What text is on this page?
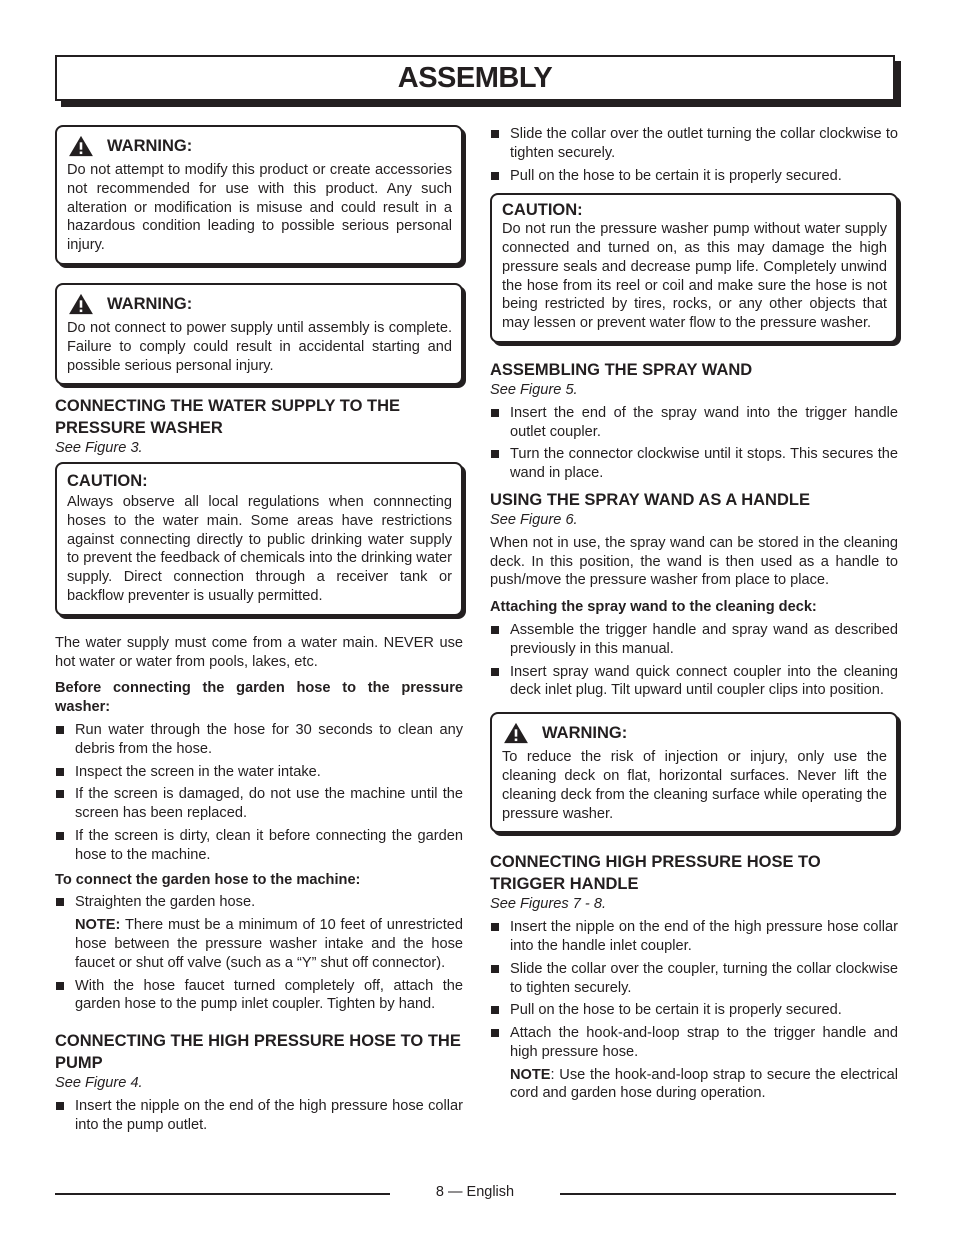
ASSEMBLY
WARNING:

Do not attempt to modify this product or create accessories not recommended for use with this product. Any such alteration or modification is misuse and could result in a hazardous condition leading to possible serious personal injury.

WARNING:

Do not connect to power supply until assembly is complete. Failure to comply could result in accidental starting and possible serious personal injury.

CONNECTING THE WATER SUPPLY TO THE PRESSURE WASHER

See Figure 3.

CAUTION:

Always observe all local regulations when connnecting hoses to the water main. Some areas have restrictions against connecting directly to public drinking water supply to prevent the feedback of chemicals into the drinking water supply. Direct connection through a receiver tank or backflow preventer is usually permitted.

The water supply must come from a water main. NEVER use hot water or water from pools, lakes, etc.

Before connecting the garden hose to the pressure washer:

Run water through the hose for 30 seconds to clean any debris from the hose.
Inspect the screen in the water intake.
If the screen is damaged, do not use the machine until the screen has been replaced.
If the screen is dirty, clean it before connecting the garden hose to the machine.

To connect the garden hose to the machine:

Straighten the garden hose.

NOTE: There must be a minimum of 10 feet of unrestricted hose between the pressure washer intake and the hose faucet or shut off valve (such as a “Y” shut off connector).

With the hose faucet turned completely off, attach the garden hose to the pump inlet coupler. Tighten by hand.
CONNECTING THE HIGH PRESSURE HOSE TO THE PUMP

See Figure 4.

Insert the nipple on the end of the high pressure hose collar into the pump outlet.
Slide the collar over the outlet turning the collar clockwise to tighten securely.
Pull on the hose to be certain it is properly secured.
CAUTION:

Do not run the pressure washer pump without water supply connected and turned on, as this may damage the high pressure seals and decrease pump life. Completely unwind the hose from its reel or coil and make sure the hose is not being restricted by tires, rocks, or any other objects that may lessen or prevent water flow to the pressure washer.

ASSEMBLING THE SPRAY WAND

See Figure 5.

Insert the end of the spray wand into the trigger handle outlet coupler.
Turn the connector clockwise until it stops. This secures the wand in place.
USING THE SPRAY WAND AS A HANDLE

See Figure 6.

When not in use, the spray wand can be stored in the cleaning deck. In this position, the wand is then used as a handle to push/move the pressure washer from place to place.

Attaching the spray wand to the cleaning deck:

Assemble the trigger handle and spray wand as described previously in this manual.
Insert spray wand quick connect coupler into the cleaning deck inlet plug. Tilt upward until coupler clips into position.
WARNING:

To reduce the risk of injection or injury, only use the cleaning deck on flat, horizontal surfaces. Never lift the cleaning deck from the cleaning surface while operating the pressure washer.

CONNECTING HIGH PRESSURE HOSE TO TRIGGER HANDLE

See Figures 7 - 8.

Insert the nipple on the end of the high pressure hose collar into the handle inlet coupler.
Slide the collar over the coupler, turning the collar clockwise to tighten securely.
Pull on the hose to be certain it is properly secured.
Attach the hook-and-loop strap to the trigger handle and high pressure hose.

NOTE: Use the hook-and-loop strap to secure the electrical cord and garden hose during operation.

8 — English
